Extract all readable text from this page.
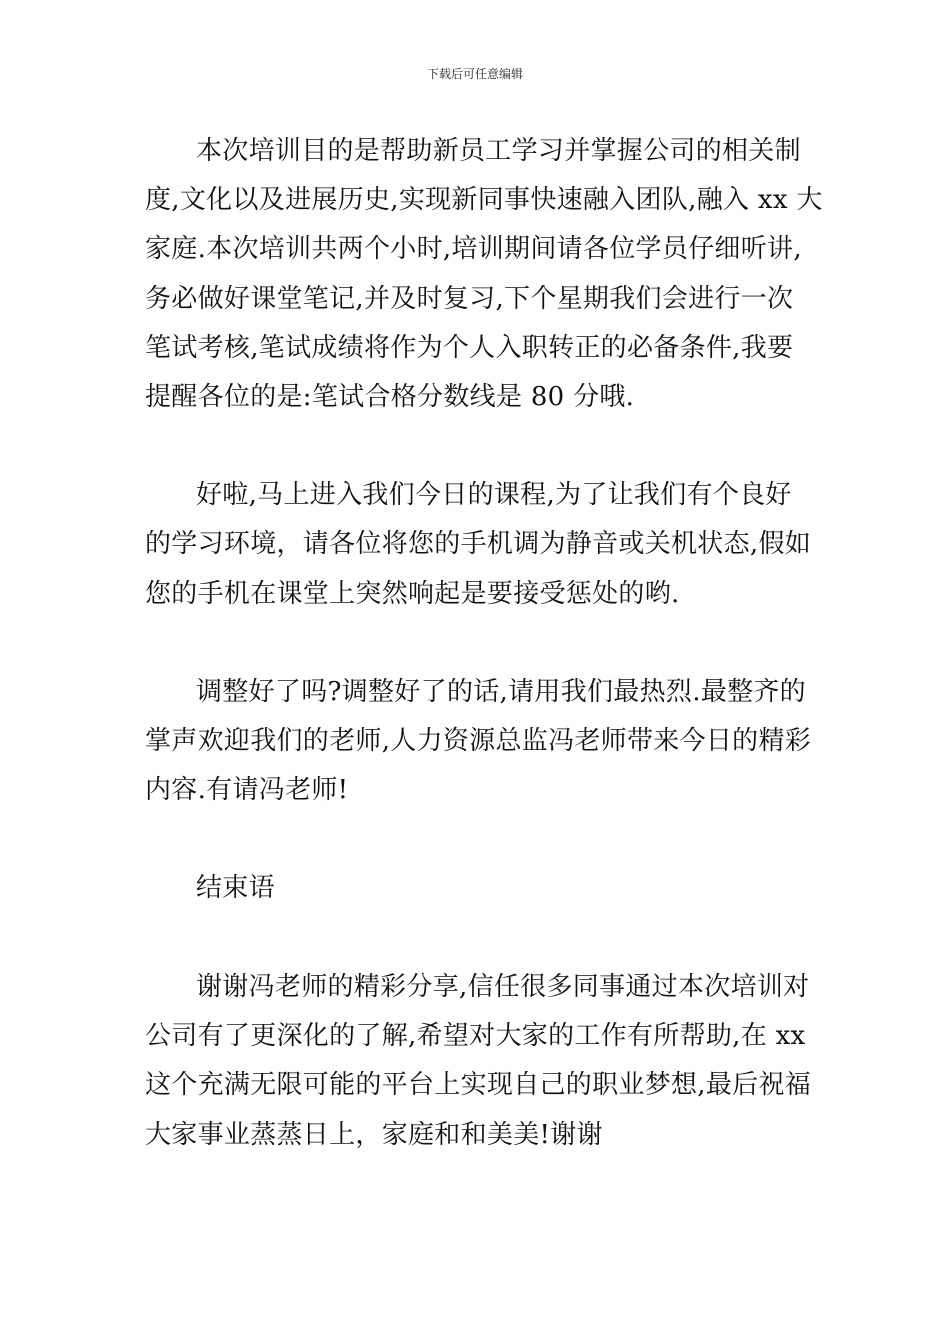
下载后可任意编辑
本次培训目的是帮助新员工学习并掌握公司的相关制
度,文化以及进展历史,实现新同事快速融入团队,融入 xx 大
家庭.本次培训共两个小时,培训期间请各位学员仔细听讲,
务必做好课堂笔记,并及时复习,下个星期我们会进行一次
笔试考核,笔试成绩将作为个人入职转正的必备条件,我要
提醒各位的是:笔试合格分数线是 80 分哦.
好啦,马上进入我们今日的课程,为了让我们有个良好
的学习环境，请各位将您的手机调为静音或关机状态,假如
您的手机在课堂上突然响起是要接受惩处的哟.
调整好了吗?调整好了的话,请用我们最热烈.最整齐的
掌声欢迎我们的老师,人力资源总监冯老师带来今日的精彩
内容.有请冯老师!
结束语
谢谢冯老师的精彩分享,信任很多同事通过本次培训对
公司有了更深化的了解,希望对大家的工作有所帮助,在 xx
这个充满无限可能的平台上实现自己的职业梦想,最后祝福
大家事业蒸蒸日上，家庭和和美美!谢谢
